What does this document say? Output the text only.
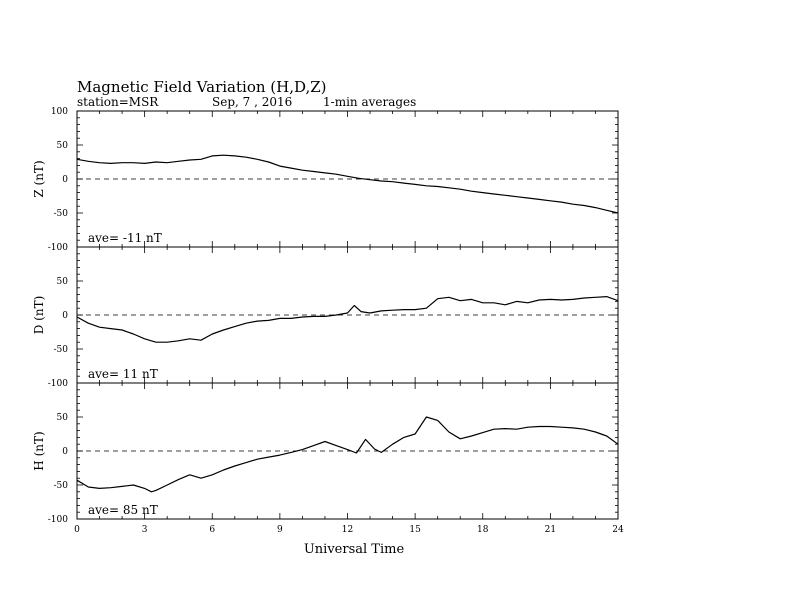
Magnetic Field Variation (H,D,Z)
station=MSR	Sep, 7 , 2016	1-min averages
100
50
0
-50
-100
Z (nT)
ave= -11 nT
50
0
-50
-100
D (nT)
ave= 11 nT
50
0
-50
-100
H (nT)
ave= 85 nT
0	3	6	9	12	15	18	21	24
Universal Time
